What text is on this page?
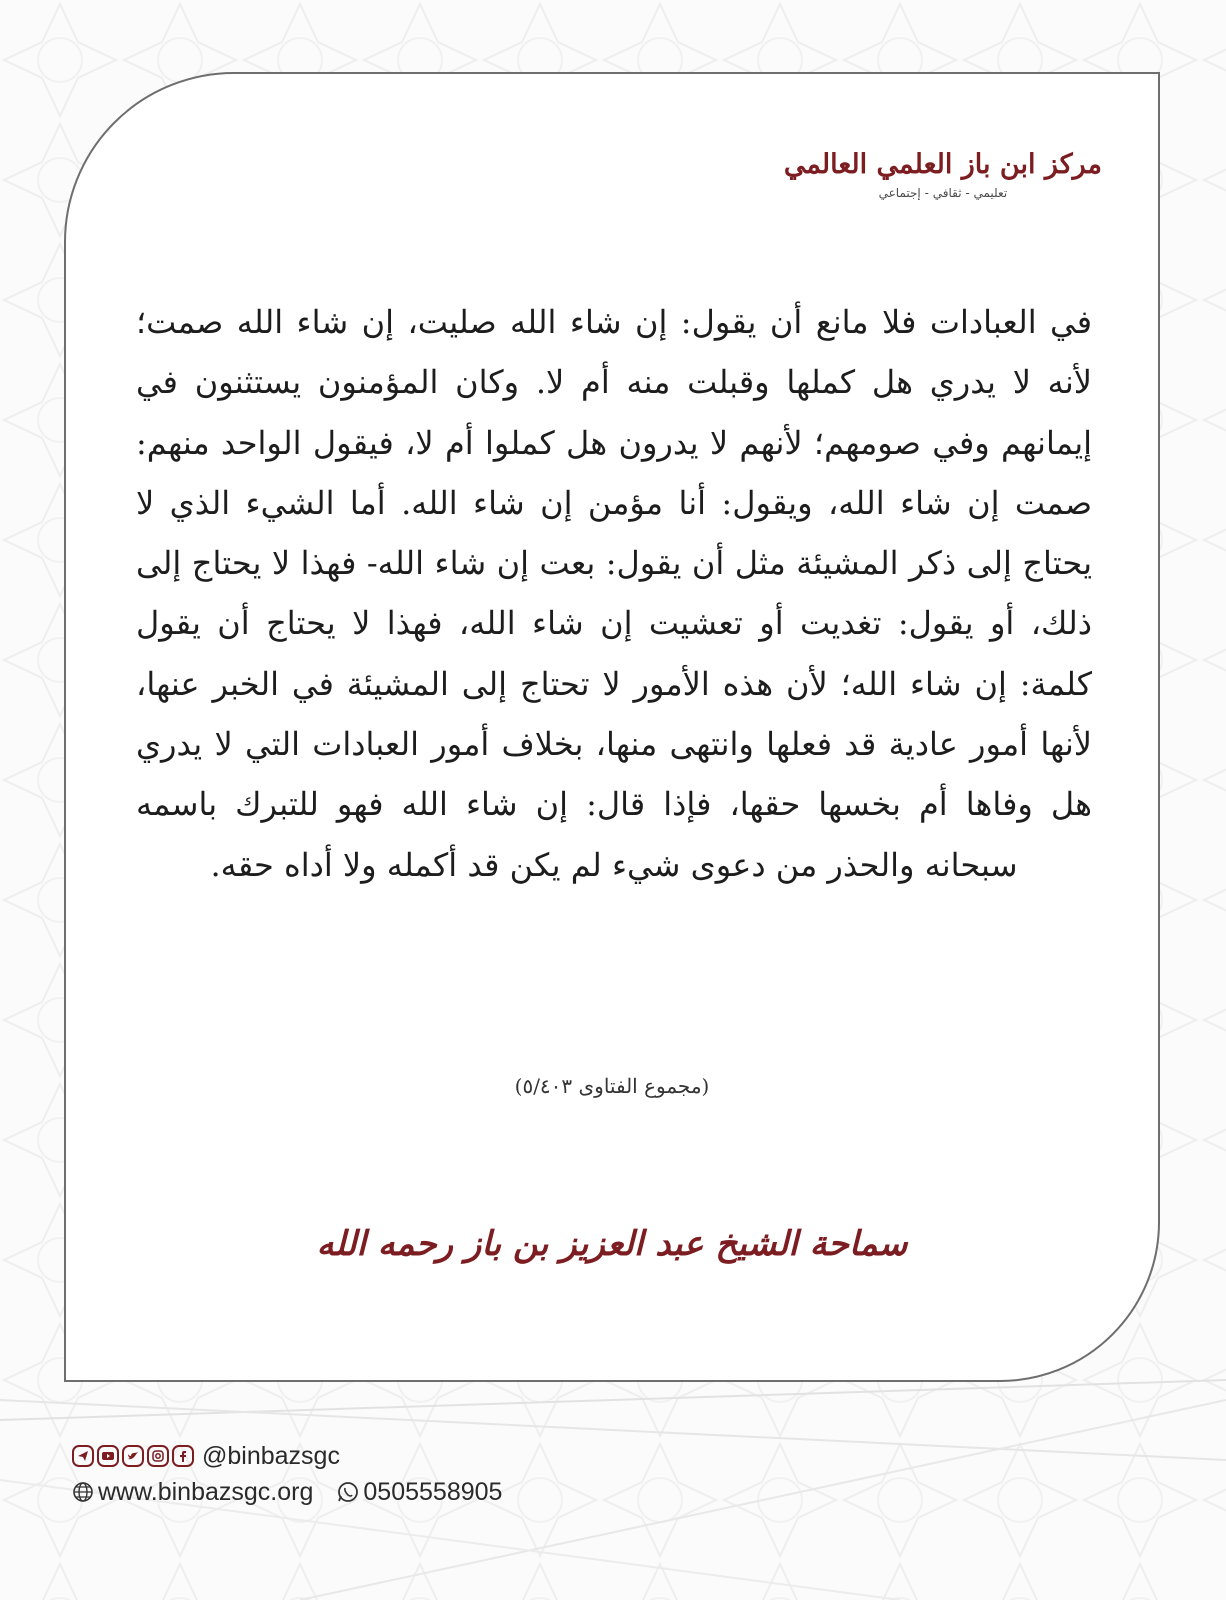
مركز ابن باز العلمي العالمي
تعليمي - ثقافي - إجتماعي
في العبادات فلا مانع أن يقول: إن شاء الله صليت، إن شاء الله صمت؛ لأنه لا يدري هل كملها وقبلت منه أم لا. وكان المؤمنون يستثنون في إيمانهم وفي صومهم؛ لأنهم لا يدرون هل كملوا أم لا، فيقول الواحد منهم: صمت إن شاء الله، ويقول: أنا مؤمن إن شاء الله. أما الشيء الذي لا يحتاج إلى ذكر المشيئة مثل أن يقول: بعت إن شاء الله- فهذا لا يحتاج إلى ذلك، أو يقول: تغديت أو تعشيت إن شاء الله، فهذا لا يحتاج أن يقول كلمة: إن شاء الله؛ لأن هذه الأمور لا تحتاج إلى المشيئة في الخبر عنها، لأنها أمور عادية قد فعلها وانتهى منها، بخلاف أمور العبادات التي لا يدري هل وفاها أم بخسها حقها، فإذا قال: إن شاء الله فهو للتبرك باسمه سبحانه والحذر من دعوى شيء لم يكن قد أكمله ولا أداه حقه.
(مجموع الفتاوى ٥/٤٠٣)
سماحة الشيخ عبد العزيز بن باز رحمه الله
@binbazsgc
www.binbazsgc.org 0505558905
